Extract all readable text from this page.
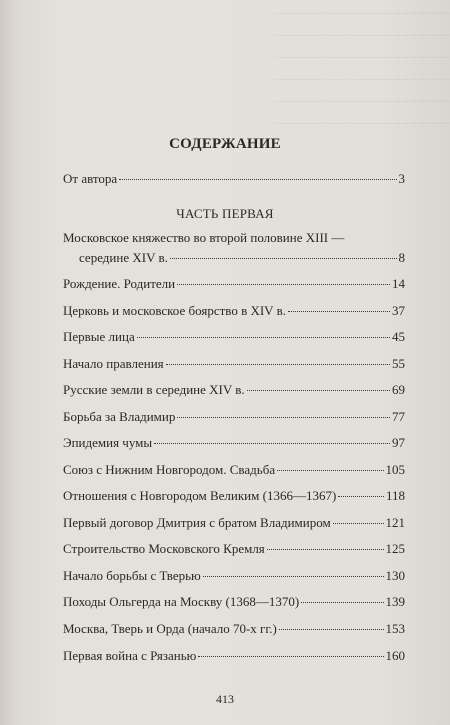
................................................................
................................................................
................................................................
................................................................
................................................................
................................................................
СОДЕРЖАНИЕ
От автора	3
ЧАСТЬ ПЕРВАЯ
Московское княжество во второй половине XIII —
середине XIV в.	8
Рождение. Родители	14
Церковь и московское боярство в XIV в.	37
Первые лица	45
Начало правления	55
Русские земли в середине XIV в.	69
Борьба за Владимир	77
Эпидемия чумы	97
Союз с Нижним Новгородом. Свадьба	105
Отношения с Новгородом Великим (1366—1367)	118
Первый договор Дмитрия с братом Владимиром	121
Строительство Московского Кремля	125
Начало борьбы с Тверью	130
Походы Ольгерда на Москву (1368—1370)	139
Москва, Тверь и Орда (начало 70-х гг.)	153
Первая война с Рязанью	160
413
